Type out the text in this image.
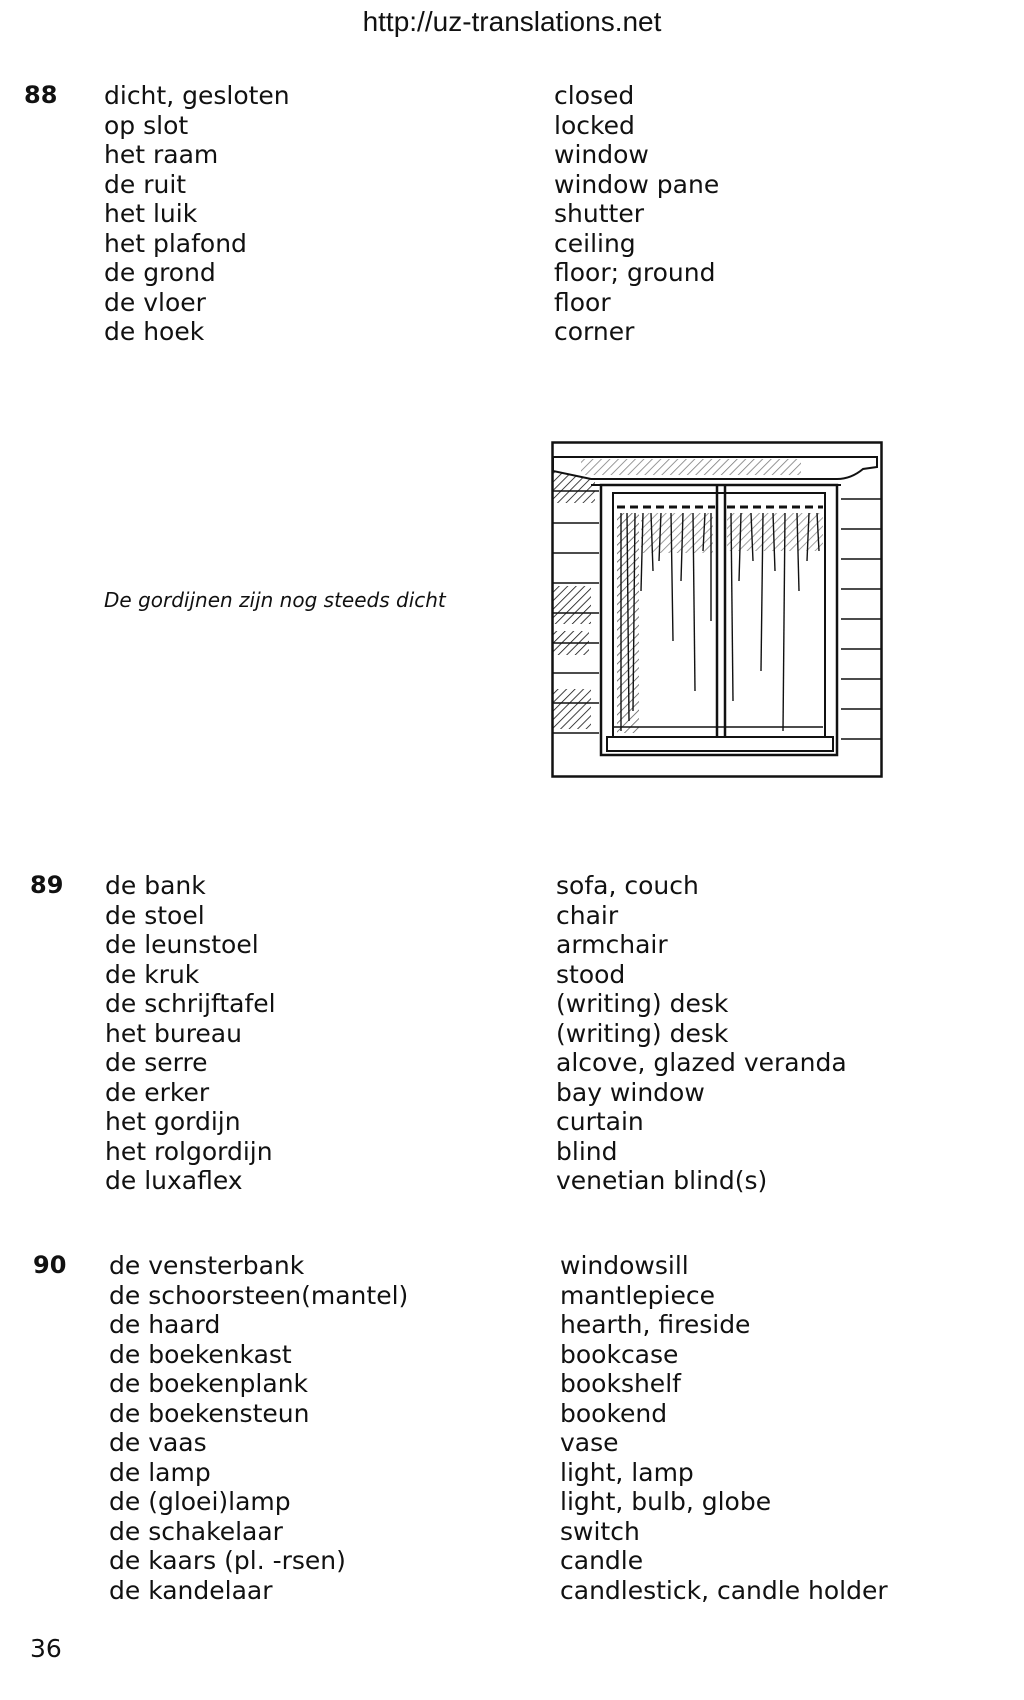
http://uz-translations.net
88 dicht, gesloten	closed
op slot	locked
het raam	window
de ruit	window pane
het luik	shutter
het plafond	ceiling
de grond	floor; ground
de vloer	floor
de hoek	corner
De gordijnen zijn nog steeds dicht
89 de bank	sofa, couch
de stoel	chair
de leunstoel	armchair
de kruk	stood
de schrijftafel	(writing) desk
het bureau	(writing) desk
de serre	alcove, glazed veranda
de erker	bay window
het gordijn	curtain
het rolgordijn	blind
de luxaflex	venetian blind(s)
90 de vensterbank	windowsill
de schoorsteen(mantel)	mantlepiece
de haard	hearth, fireside
de boekenkast	bookcase
de boekenplank	bookshelf
de boekensteun	bookend
de vaas	vase
de lamp	light, lamp
de (gloei)lamp	light, bulb, globe
de schakelaar	switch
de kaars (pl. -rsen)	candle
de kandelaar	candlestick, candle holder
36
